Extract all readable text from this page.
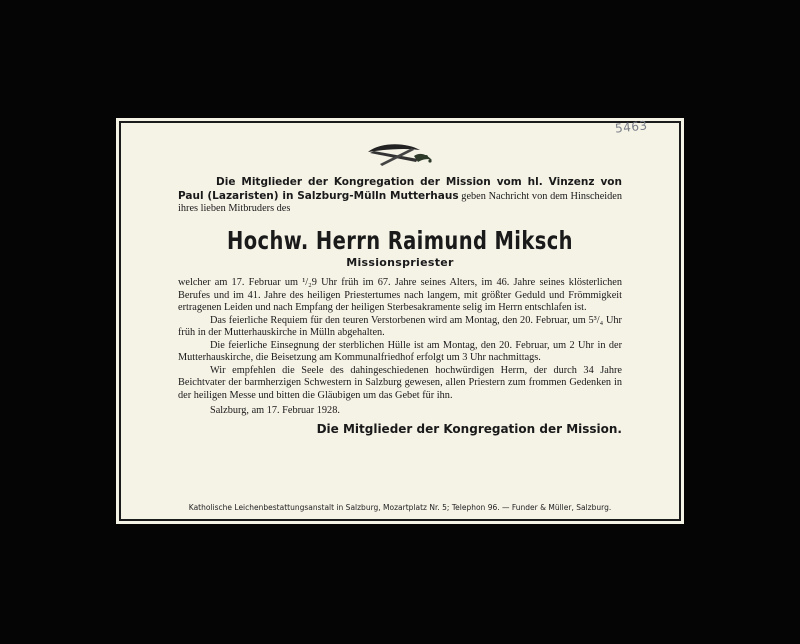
5463

Die Mitglieder der Kongregation der Mission vom hl. Vinzenz von Paul (Lazaristen) in Salzburg-Mülln Mutterhaus geben Nachricht von dem Hinscheiden ihres lieben Mitbruders des

Hochw. Herrn Raimund Miksch
Missionspriester

welcher am 17. Februar um ¹/₂9 Uhr früh im 67. Jahre seines Alters, im 46. Jahre seines klösterlichen Berufes und im 41. Jahre des heiligen Priestertumes nach langem, mit größter Geduld und Frömmigkeit ertragenen Leiden und nach Empfang der heiligen Sterbesakramente selig im Herrn entschlafen ist.

Das feierliche Requiem für den teuren Verstorbenen wird am Montag, den 20. Februar, um 5³/₄ Uhr früh in der Mutterhauskirche in Mülln abgehalten.

Die feierliche Einsegnung der sterblichen Hülle ist am Montag, den 20. Februar, um 2 Uhr in der Mutterhauskirche, die Beisetzung am Kommunalfriedhof erfolgt um 3 Uhr nachmittags.

Wir empfehlen die Seele des dahingeschiedenen hochwürdigen Herrn, der durch 34 Jahre Beichtvater der barmherzigen Schwestern in Salzburg gewesen, allen Priestern zum frommen Gedenken in der heiligen Messe und bitten die Gläubigen um das Gebet für ihn.

Salzburg, am 17. Februar 1928.

Die Mitglieder der Kongregation der Mission.
Katholische Leichenbestattungsanstalt in Salzburg, Mozartplatz Nr. 5; Telephon 96. — Funder & Müller, Salzburg.
